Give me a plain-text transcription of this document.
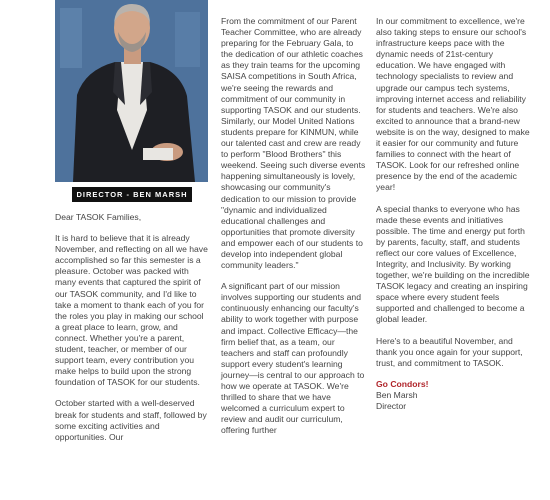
DIRECTOR - BEN MARSH

Dear TASOK Families,

It is hard to believe that it is already November, and reflecting on all we have accomplished so far this semester is a pleasure. October was packed with many events that captured the spirit of our TASOK community, and I'd like to take a moment to thank each of you for the roles you play in making our school a great place to learn, grow, and connect. Whether you're a parent, student, teacher, or member of our support team, every contribution you make helps to build upon the strong foundation of TASOK for our students.

October started with a well-deserved break for students and staff, followed by some exciting activities and opportunities. Our

From the commitment of our Parent Teacher Committee, who are already preparing for the February Gala, to the dedication of our athletic coaches as they train teams for the upcoming SAISA competitions in South Africa, we're seeing the rewards and commitment of our community in supporting TASOK and our students. Similarly, our Model United Nations students prepare for KINMUN, while our talented cast and crew are ready to perform "Blood Brothers" this weekend. Seeing such diverse events happening simultaneously is lovely, showcasing our community's dedication to our mission to provide "dynamic and individualized educational challenges and opportunities that promote diversity and empower each of our students to develop into independent global community leaders."

A significant part of our mission involves supporting our students and continuously enhancing our faculty's ability to work together with purpose and impact. Collective Efficacy—the firm belief that, as a team, our teachers and staff can profoundly support every student's learning journey—is central to our approach to how we operate at TASOK. We're thrilled to share that we have welcomed a curriculum expert to review and audit our curriculum, offering further

In our commitment to excellence, we're also taking steps to ensure our school's infrastructure keeps pace with the dynamic needs of 21st-century education. We have engaged with technology specialists to review and upgrade our campus tech systems, improving internet access and reliability for students and teachers. We're also excited to announce that a brand-new website is on the way, designed to make it easier for our community and future families to connect with the heart of TASOK. Look for our refreshed online presence by the end of the academic year!

A special thanks to everyone who has made these events and initiatives possible. The time and energy put forth by parents, faculty, staff, and students reflect our core values of Excellence, Integrity, and Inclusivity. By working together, we're building on the incredible TASOK legacy and creating an inspiring space where every student feels supported and challenged to become a global leader.

Here's to a beautiful November, and thank you once again for your support, trust, and commitment to TASOK.

Go Condors!

Ben Marsh

Director
